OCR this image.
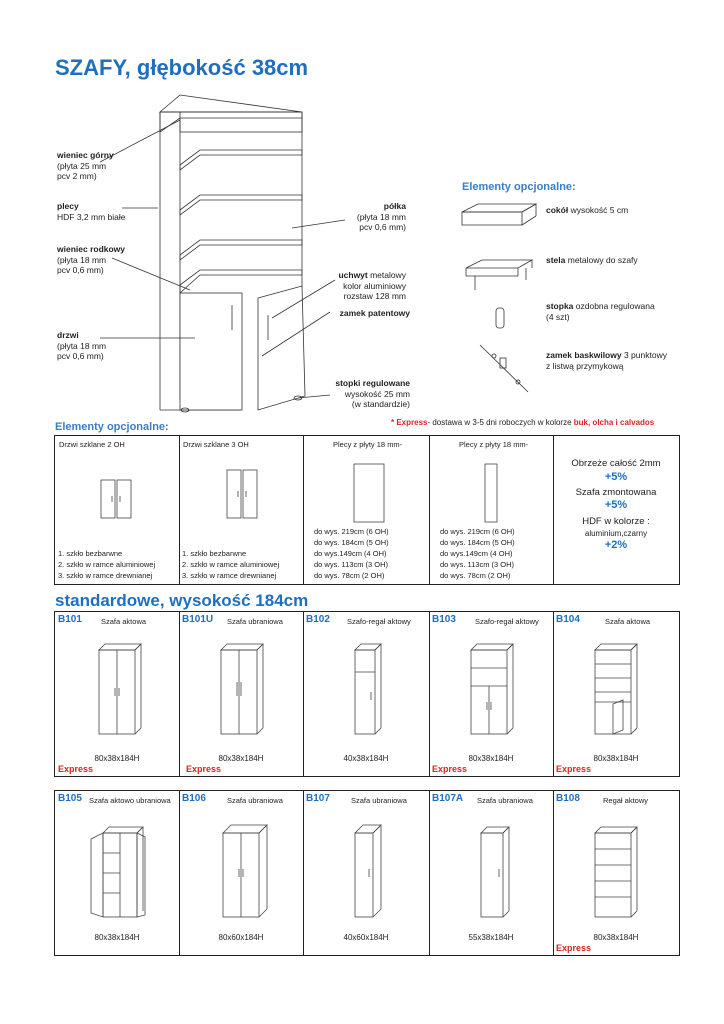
SZAFY, głębokość 38cm
wieniec górny
(płyta 25 mm
pcv 2 mm)
plecy
HDF 3,2 mm białe
wieniec rodkowy
(płyta 18 mm
pcv 0,6 mm)
drzwi
(płyta 18 mm
pcv 0,6 mm)
półka
(płyta 18 mm
pcv 0,6 mm)
uchwyt metalowy
kolor aluminiowy
rozstaw 128 mm
zamek patentowy
stopki regulowane
wysokość 25 mm
(w standardzie)
Elementy opcjonalne:
cokół wysokość 5 cm
stela metalowy do szafy
stopka ozdobna regulowana
(4 szt)
zamek baskwilowy 3 punktowy
z listwą przymykową
* Express- dostawa w 3-5 dni roboczych w kolorze buk, olcha i calvados
Elementy opcjonalne:
Drzwi szklane 2 OH
1. szkło bezbarwne
2. szkło w ramce aluminiowej
3. szkło w ramce drewnianej
Drzwi szklane 3 OH
1. szkło bezbarwne
2. szkło w ramce aluminiowej
3. szkło w ramce drewnianej
Plecy z płyty 18 mm-
do wys. 219cm (6 OH)
do wys. 184cm (5 OH)
do wys.149cm (4 OH)
do wys. 113cm (3 OH)
do wys. 78cm (2 OH)
Plecy z płyty 18 mm-
do wys. 219cm (6 OH)
do wys. 184cm (5 OH)
do wys.149cm (4 OH)
do wys. 113cm (3 OH)
do wys. 78cm (2 OH)
Obrzeże całość 2mm
+5%
Szafa zmontowana
+5%
HDF w kolorze :
aluminium,czarny
+2%
standardowe, wysokość 184cm
B101	Szafa aktowa
80x38x184H
Express
B101U Szafa ubraniowa
80x38x184H
Express
B102 Szafo-regał aktowy
40x38x184H
B103	Szafo-regał aktowy
80x38x184H
Express
B104	Szafa aktowa
80x38x184H
Express
B105 Szafa aktowo ubraniowa
80x38x184H
B106	Szafa ubraniowa
80x60x184H
B107	Szafa ubraniowa
40x60x184H
B107A Szafa ubraniowa
55x38x184H
B108	Regał aktowy
80x38x184H
Express
